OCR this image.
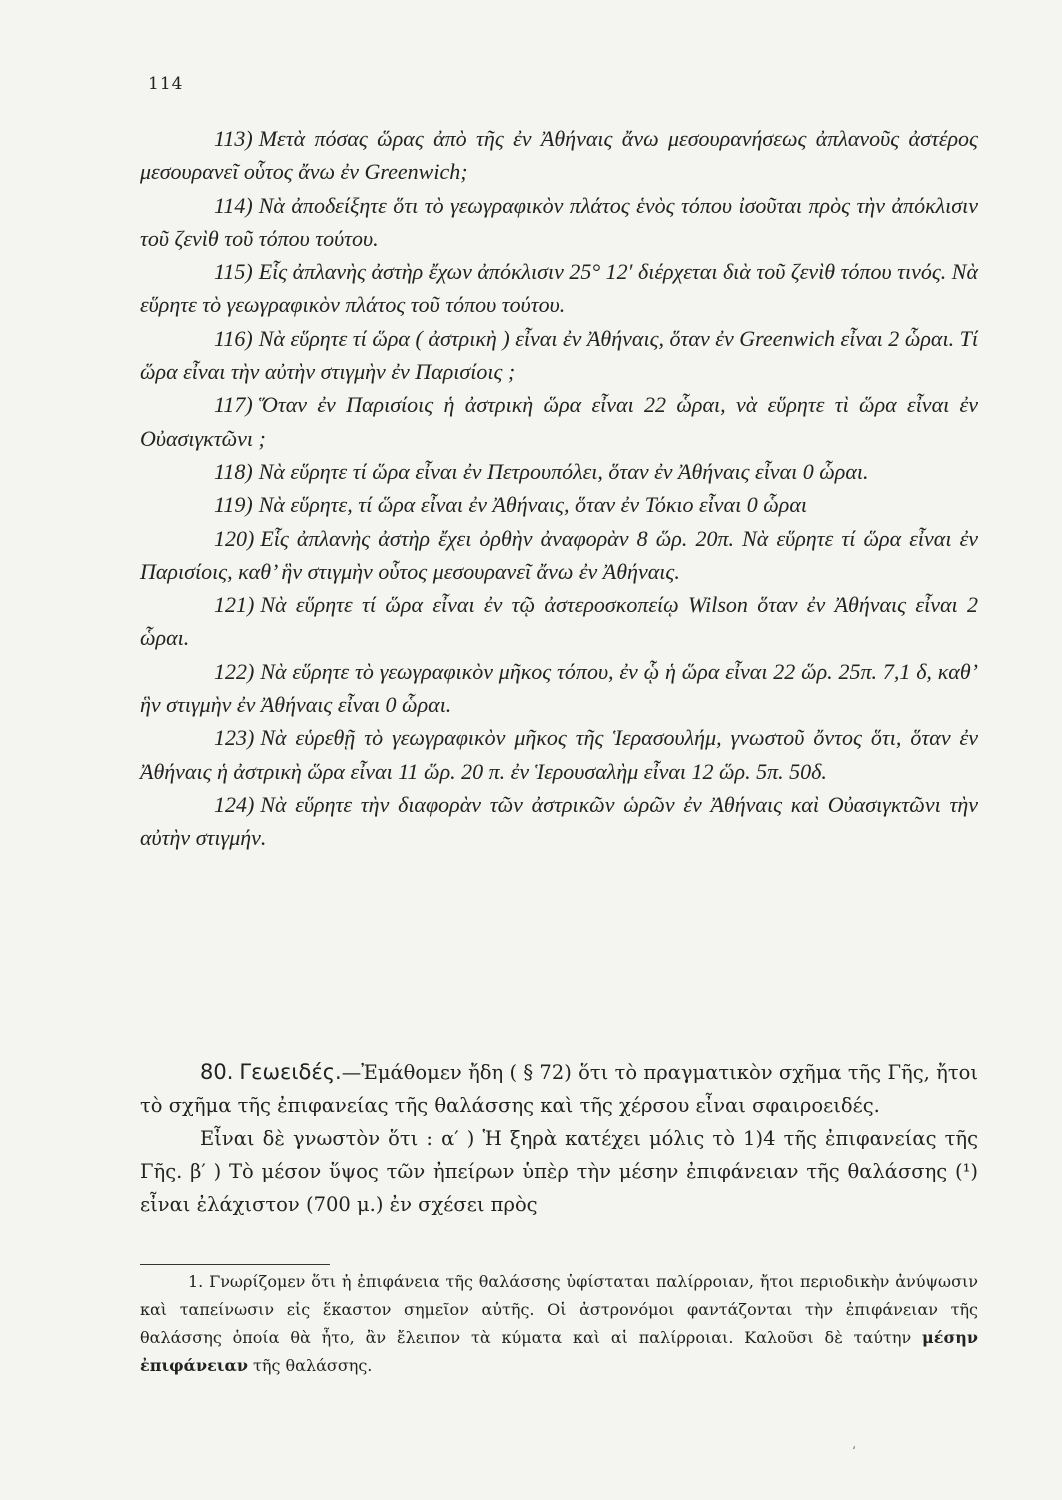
114

113) Μετὰ πόσας ὥρας ἀπὸ τῆς ἐν Ἀθήναις ἄνω μεσουρανήσεως ἀπλανοῦς ἀστέρος μεσουρανεῖ οὗτος ἄνω ἐν Greenwich;

114) Νὰ ἀποδείξητε ὅτι τὸ γεωγραφικὸν πλάτος ἑνὸς τόπου ἰσοῦται πρὸς τὴν ἀπόκλισιν τοῦ ζενὶθ τοῦ τόπου τούτου.

115) Εἷς ἀπλανὴς ἀστὴρ ἔχων ἀπόκλισιν 25° 12′ διέρχεται διὰ τοῦ ζενὶθ τόπου τινός. Νὰ εὕρητε τὸ γεωγραφικὸν πλάτος τοῦ τόπου τούτου.

116) Νὰ εὕρητε τί ὥρα ( ἀστρικὴ ) εἶναι ἐν Ἀθήναις, ὅταν ἐν Greenwich εἶναι 2 ὧραι. Τί ὥρα εἶναι τὴν αὐτὴν στιγμὴν ἐν Παρισίοις ;

117) Ὅταν ἐν Παρισίοις ἡ ἀστρικὴ ὥρα εἶναι 22 ὧραι, νὰ εὕρητε τὶ ὥρα εἶναι ἐν Οὐασιγκτῶνι ;

118) Νὰ εὕρητε τί ὥρα εἶναι ἐν Πετρουπόλει, ὅταν ἐν Ἀθήναις εἶναι 0 ὧραι.

119) Νὰ εὕρητε, τί ὥρα εἶναι ἐν Ἀθήναις, ὅταν ἐν Τόκιο εἶναι 0 ὧραι

120) Εἷς ἀπλανὴς ἀστὴρ ἔχει ὀρθὴν ἀναφορὰν 8 ὥρ. 20π. Νὰ εὕρητε τί ὥρα εἶναι ἐν Παρισίοις, καθ’ ἣν στιγμὴν οὗτος μεσουρανεῖ ἄνω ἐν Ἀθήναις.

121) Νὰ εὕρητε τί ὥρα εἶναι ἐν τῷ ἀστεροσκοπείῳ Wilson ὅταν ἐν Ἀθήναις εἶναι 2 ὧραι.

122) Νὰ εὕρητε τὸ γεωγραφικὸν μῆκος τόπου, ἐν ᾧ ἡ ὥρα εἶναι 22 ὥρ. 25π. 7,1 δ, καθ’ ἣν στιγμὴν ἐν Ἀθήναις εἶναι 0 ὧραι.

123) Νὰ εὑρεθῇ τὸ γεωγραφικὸν μῆκος τῆς Ἱερασουλήμ, γνωστοῦ ὄντος ὅτι, ὅταν ἐν Ἀθήναις ἡ ἀστρικὴ ὥρα εἶναι 11 ὥρ. 20 π. ἐν Ἱερουσαλὴμ εἶναι 12 ὥρ. 5π. 50δ.

124) Νὰ εὕρητε τὴν διαφορὰν τῶν ἀστρικῶν ὡρῶν ἐν Ἀθήναις καὶ Οὐασιγκτῶνι τὴν αὐτὴν στιγμήν.

80. Γεωειδές.—Ἐμάθομεν ἤδη ( § 72) ὅτι τὸ πραγματικὸν σχῆμα τῆς Γῆς, ἤτοι τὸ σχῆμα τῆς ἐπιφανείας τῆς θαλάσσης καὶ τῆς χέρσου εἶναι σφαιροειδές.

Εἶναι δὲ γνωστὸν ὅτι : α′ ) Ἡ ξηρὰ κατέχει μόλις τὸ 1)4 τῆς ἐπιφανείας τῆς Γῆς. β′ ) Τὸ μέσον ὕψος τῶν ἠπείρων ὑπὲρ τὴν μέσην ἐπιφάνειαν τῆς θαλάσσης (¹) εἶναι ἐλάχιστον (700 μ.) ἐν σχέσει πρὸς

1. Γνωρίζομεν ὅτι ἡ ἐπιφάνεια τῆς θαλάσσης ὑφίσταται παλίρροιαν, ἤτοι περιοδικὴν ἀνύψωσιν καὶ ταπείνωσιν εἰς ἕκαστον σημεῖον αὐτῆς. Οἱ ἀστρονόμοι φαντάζονται τὴν ἐπιφάνειαν τῆς θαλάσσης ὁποία θὰ ἦτο, ἂν ἔλειπον τὰ κύματα καὶ αἱ παλίρροιαι. Καλοῦσι δὲ ταύτην μέσην ἐπιφάνειαν τῆς θαλάσσης.

‘
